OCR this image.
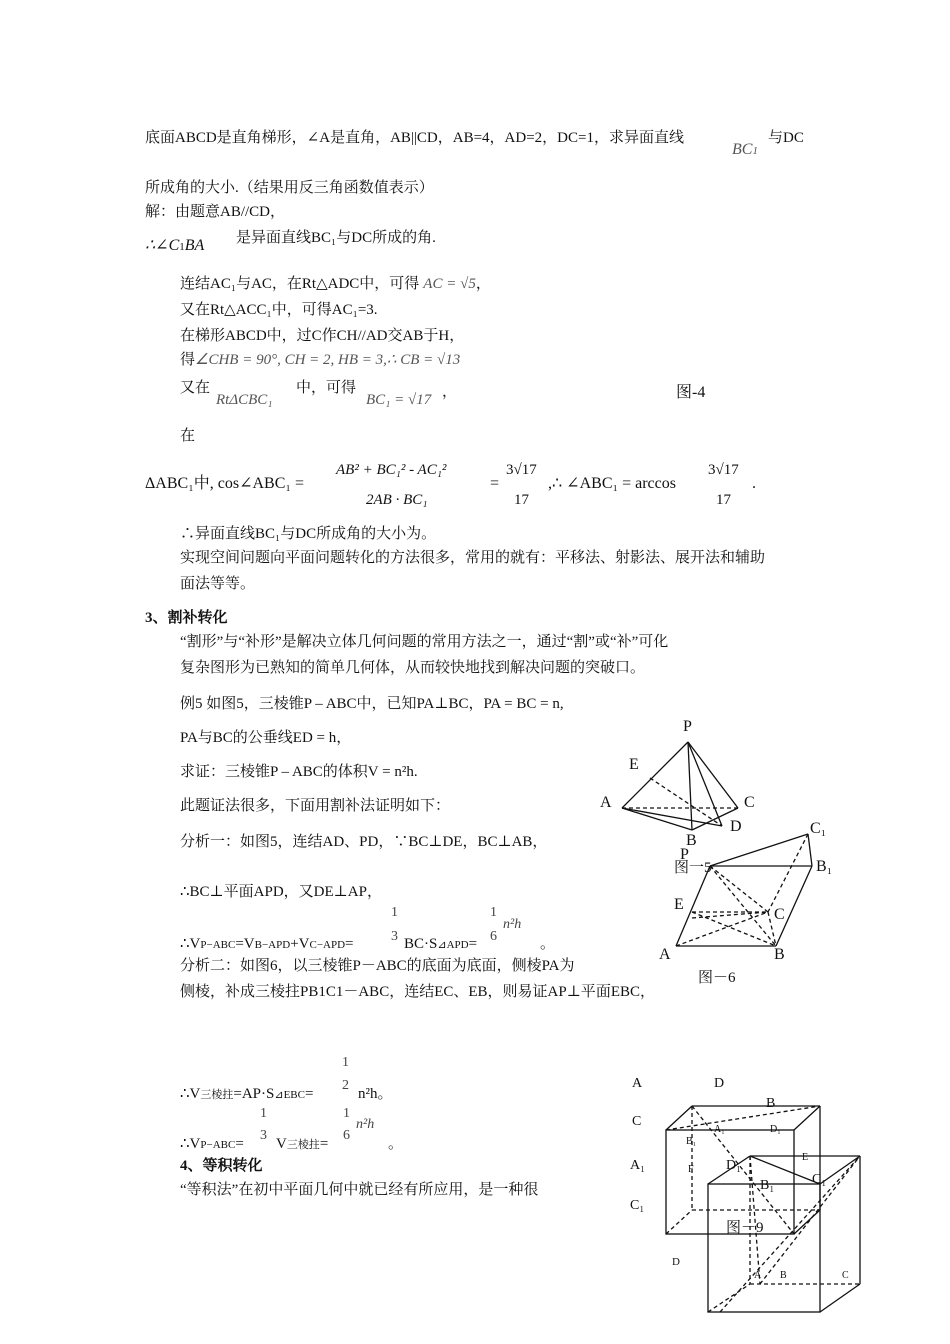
底面ABCD是直角梯形，∠A是直角，AB||CD，AB=4，AD=2，DC=1，求异面直线
BC1
与DC
所成角的大小.（结果用反三角函数值表示）
解：由题意AB//CD，
∴∠C1BA 是异面直线BC₁与DC所成的角.
连结AC₁与AC，在Rt△ADC中，可得 AC = √5，
又在Rt△ACC₁中，可得AC₁=3.
在梯形ABCD中，过C作CH//AD交AB于H，
得∠CHB = 90°, CH = 2, HB = 3,∴ CB = √13
又在
RtΔCBC₁
中，可得
BC₁ = √17 ，	图-4
在
ΔABC₁中, cos∠ABC₁ =
AB² + BC₁² - AC₁²
2AB · BC₁
=
3√17
17
,∴ ∠ABC₁ = arccos
3√17
17
.
∴异面直线BC₁与DC所成角的大小为。
实现空间问题向平面问题转化的方法很多，常用的就有：平移法、射影法、展开法和辅助
面法等等。
3、割补转化
“割形”与“补形”是解决立体几何问题的常用方法之一，通过“割”或“补”可化
复杂图形为已熟知的简单几何体，从而较快地找到解决问题的突破口。
例5 如图5，三棱锥P – ABC中，已知PA⊥BC，PA = BC = n,
PA与BC的公垂线ED = h，
求证：三棱锥P – ABC的体积V = n²h.
此题证法很多，下面用割补法证明如下：
分析一：如图5，连结AD、PD，∵BC⊥DE，BC⊥AB，
∴BC⊥平面APD，又DE⊥AP，
∴VP−ABC=VB−APD+VC−APD=
1
3 BC·S⊿APD=
1
6
n²h
。
分析二：如图6，以三棱锥P－ABC的底面为底面，侧棱PA为
侧棱，补成三棱拄PB1C1－ABC，连结EC、EB，则易证AP⊥平面EBC，
∴V三棱拄=AP·S⊿EBC=
1
2
n²h。
∴VP−ABC=
1
3
V三棱拄=
1
6
n²h
。
4、等积转化
“等积法”在初中平面几何中就已经有所应用，是一种很
P
E
A	C
D
B
图一5
C₁
B₁
P
E
C
A	B
图－6
A	D
B
C
A₁
C₁
D₁
B₁
A₁	D₁
F
E
B₁	C₁
图－9
D
A B	C
